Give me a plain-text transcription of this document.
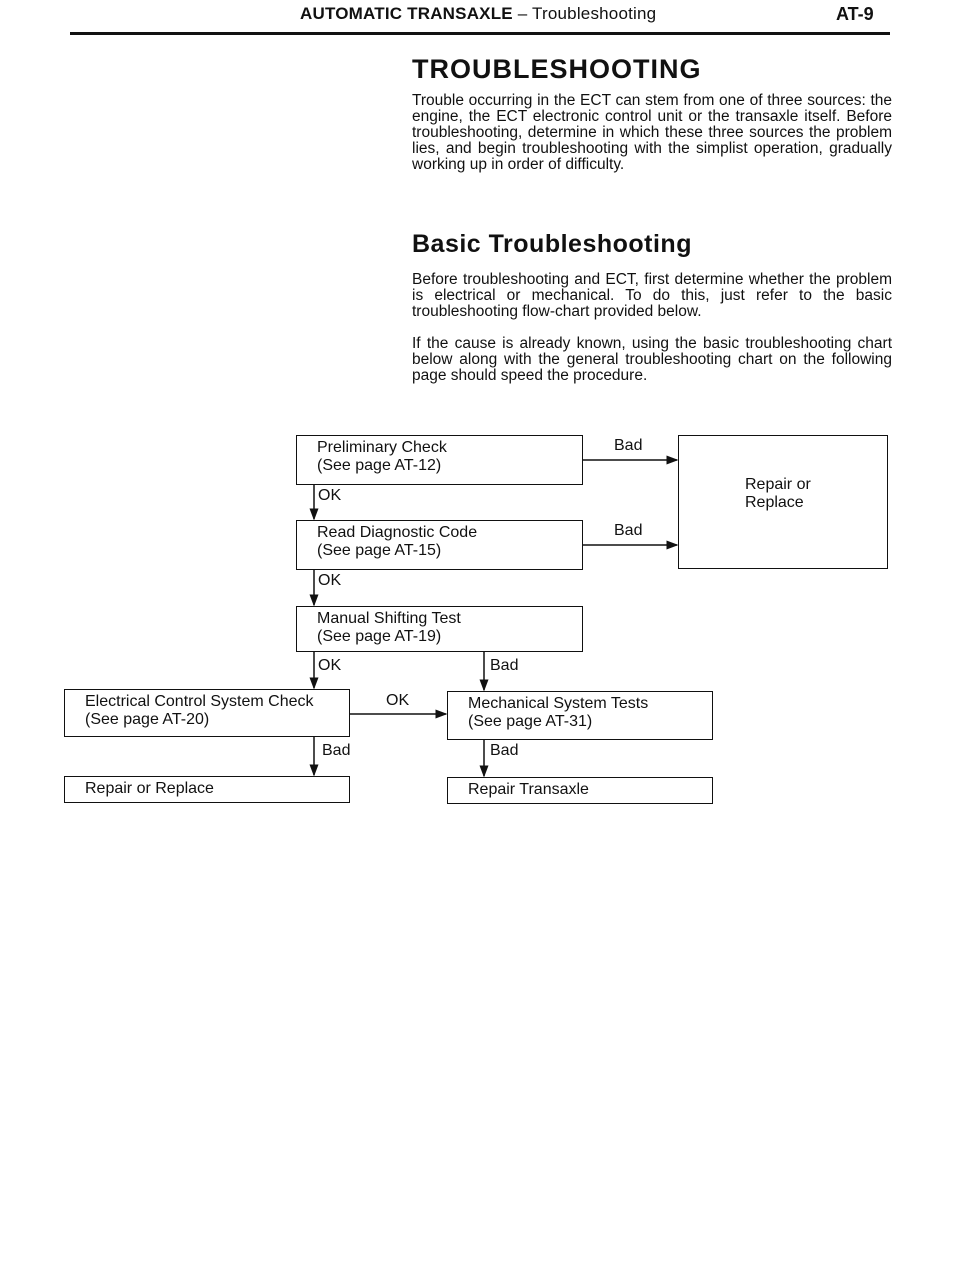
AUTOMATIC TRANSAXLE – Troubleshooting	AT-9
TROUBLESHOOTING

Trouble occurring in the ECT can stem from one of three sources: the engine, the ECT electronic control unit or the transaxle itself. Before troubleshooting, determine in which these three sources the problem lies, and begin troubleshooting with the simplist operation, gradually working up in order of difficulty.

Basic Troubleshooting

Before troubleshooting and ECT, first determine whether the problem is electrical or mechanical. To do this, just refer to the basic troubleshooting flow-chart provided below.

If the cause is already known, using the basic troubleshooting chart below along with the general troubleshooting chart on the following page should speed the procedure.

Preliminary Check
(See page AT-12)
Read Diagnostic Code
(See page AT-15)
Manual Shifting Test
(See page AT-19)
Electrical Control System Check
(See page AT-20)
Mechanical System Tests
(See page AT-31)
Repair or
Replace
Repair or Replace	Repair Transaxle
Bad
Bad
OK
OK
OK	Bad
OK
Bad	Bad
